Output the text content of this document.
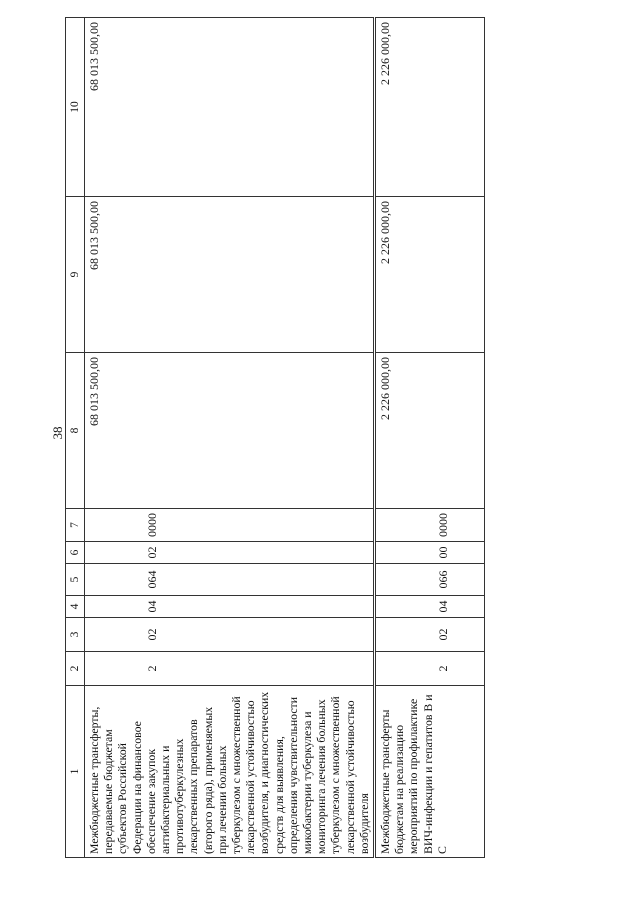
38
1	2	3	4	5	6	7	8	9	10
Межбюджетные трансферты, передаваемые бюджетам субъектов Российской Федерации на финансовое обеспечение закупок антибактериальных и противотуберкулезных лекарственных препаратов (второго ряда), применяемых при лечении больных туберкулезом с множественной лекарственной устойчивостью возбудителя, и диагностических средств для выявления, определения чувствительности микобактерии туберкулеза и мониторинга лечения больных туберкулезом с множественной лекарственной устойчивостью возбудителя	2	02	04	064	02	0000	68 013 500,00	68 013 500,00	68 013 500,00
Межбюджетные трансферты бюджетам на реализацию мероприятий по профилактике ВИЧ-инфекции и гепатитов В и С	2	02	04	066	00	0000	2 226 000,00	2 226 000,00	2 226 000,00
